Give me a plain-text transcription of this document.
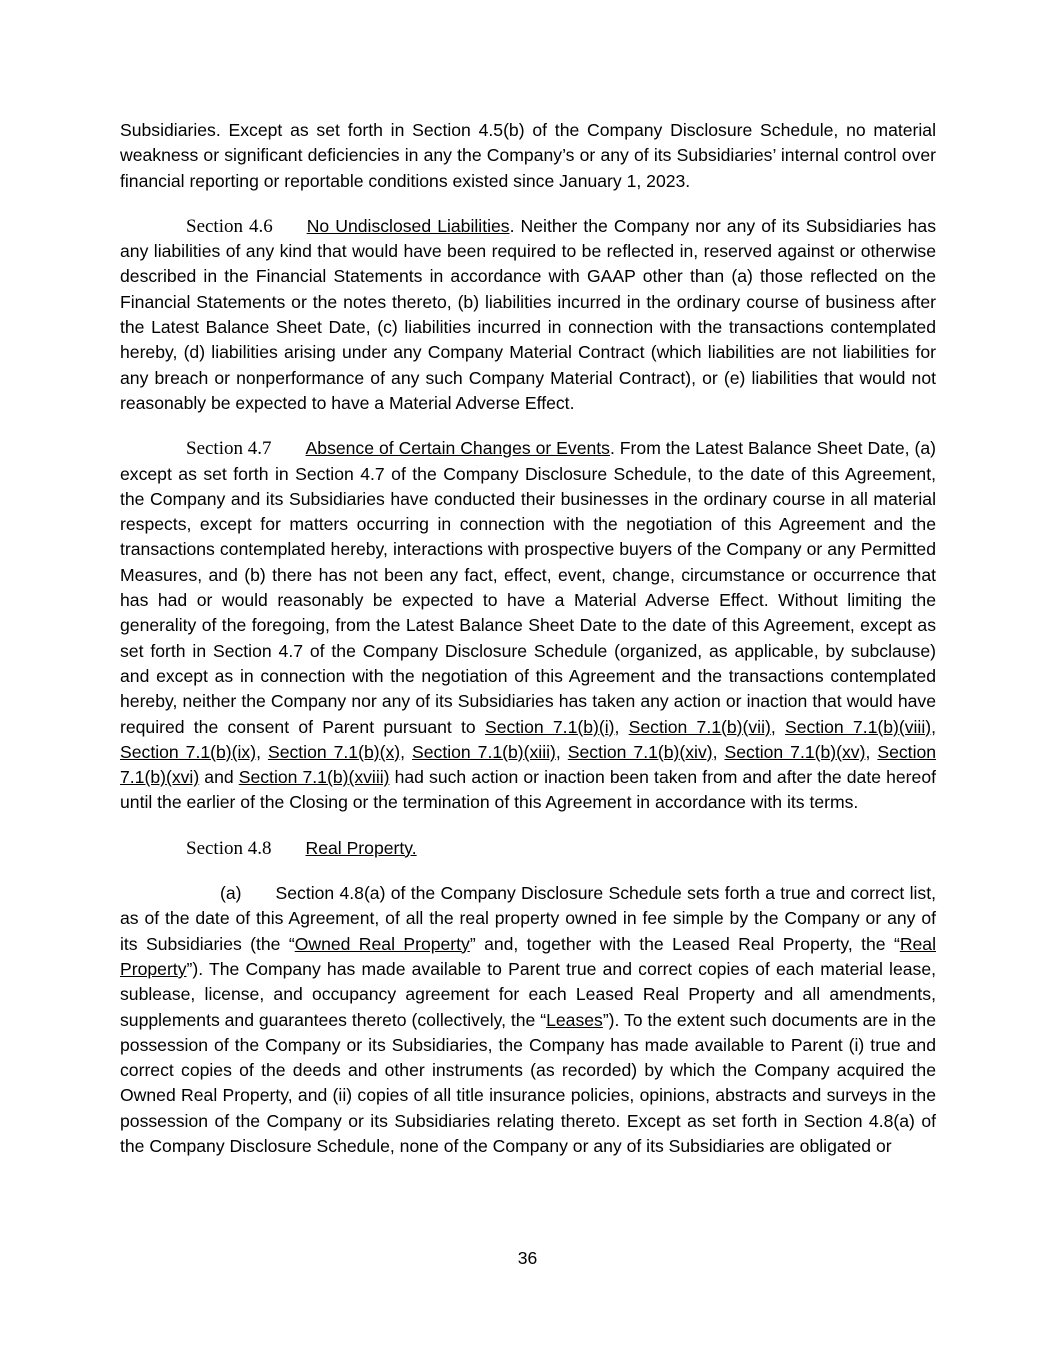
Subsidiaries. Except as set forth in Section 4.5(b) of the Company Disclosure Schedule, no material weakness or significant deficiencies in any the Company’s or any of its Subsidiaries’ internal control over financial reporting or reportable conditions existed since January 1, 2023.

Section 4.6 No Undisclosed Liabilities. Neither the Company nor any of its Subsidiaries has any liabilities of any kind that would have been required to be reflected in, reserved against or otherwise described in the Financial Statements in accordance with GAAP other than (a) those reflected on the Financial Statements or the notes thereto, (b) liabilities incurred in the ordinary course of business after the Latest Balance Sheet Date, (c) liabilities incurred in connection with the transactions contemplated hereby, (d) liabilities arising under any Company Material Contract (which liabilities are not liabilities for any breach or nonperformance of any such Company Material Contract), or (e) liabilities that would not reasonably be expected to have a Material Adverse Effect.

Section 4.7 Absence of Certain Changes or Events. From the Latest Balance Sheet Date, (a) except as set forth in Section 4.7 of the Company Disclosure Schedule, to the date of this Agreement, the Company and its Subsidiaries have conducted their businesses in the ordinary course in all material respects, except for matters occurring in connection with the negotiation of this Agreement and the transactions contemplated hereby, interactions with prospective buyers of the Company or any Permitted Measures, and (b) there has not been any fact, effect, event, change, circumstance or occurrence that has had or would reasonably be expected to have a Material Adverse Effect. Without limiting the generality of the foregoing, from the Latest Balance Sheet Date to the date of this Agreement, except as set forth in Section 4.7 of the Company Disclosure Schedule (organized, as applicable, by subclause) and except as in connection with the negotiation of this Agreement and the transactions contemplated hereby, neither the Company nor any of its Subsidiaries has taken any action or inaction that would have required the consent of Parent pursuant to Section 7.1(b)(i), Section 7.1(b)(vii), Section 7.1(b)(viii), Section 7.1(b)(ix), Section 7.1(b)(x), Section 7.1(b)(xiii), Section 7.1(b)(xiv), Section 7.1(b)(xv), Section 7.1(b)(xvi) and Section 7.1(b)(xviii) had such action or inaction been taken from and after the date hereof until the earlier of the Closing or the termination of this Agreement in accordance with its terms.

Section 4.8 Real Property.

(a) Section 4.8(a) of the Company Disclosure Schedule sets forth a true and correct list, as of the date of this Agreement, of all the real property owned in fee simple by the Company or any of its Subsidiaries (the “Owned Real Property” and, together with the Leased Real Property, the “Real Property”). The Company has made available to Parent true and correct copies of each material lease, sublease, license, and occupancy agreement for each Leased Real Property and all amendments, supplements and guarantees thereto (collectively, the “Leases”). To the extent such documents are in the possession of the Company or its Subsidiaries, the Company has made available to Parent (i) true and correct copies of the deeds and other instruments (as recorded) by which the Company acquired the Owned Real Property, and (ii) copies of all title insurance policies, opinions, abstracts and surveys in the possession of the Company or its Subsidiaries relating thereto. Except as set forth in Section 4.8(a) of the Company Disclosure Schedule, none of the Company or any of its Subsidiaries are obligated or

36
